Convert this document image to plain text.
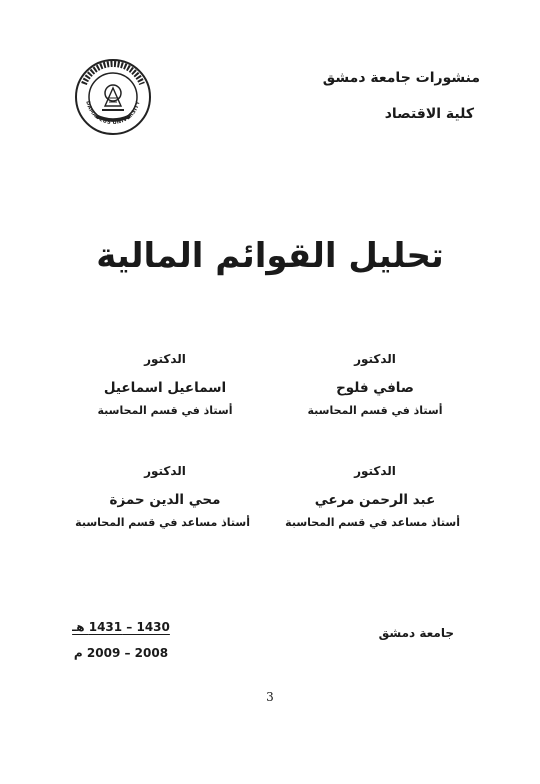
DAMASCUS UNIVERSITY
منشورات جامعة دمشق
كلية الاقتصاد
تحليل القوائم المالية
الدكتور
صافي فلوح
أستاذ في قسم المحاسبة
الدكتور
اسماعيل اسماعيل
أستاذ في قسم المحاسبة
الدكتور
عبد الرحمن مرعي
أستاذ مساعد في قسم المحاسبة
الدكتور
محي الدين حمزة
أستاذ مساعد في قسم المحاسبة
جامعة دمشق
1430 – 1431 هـ
2008 – 2009 م
3
